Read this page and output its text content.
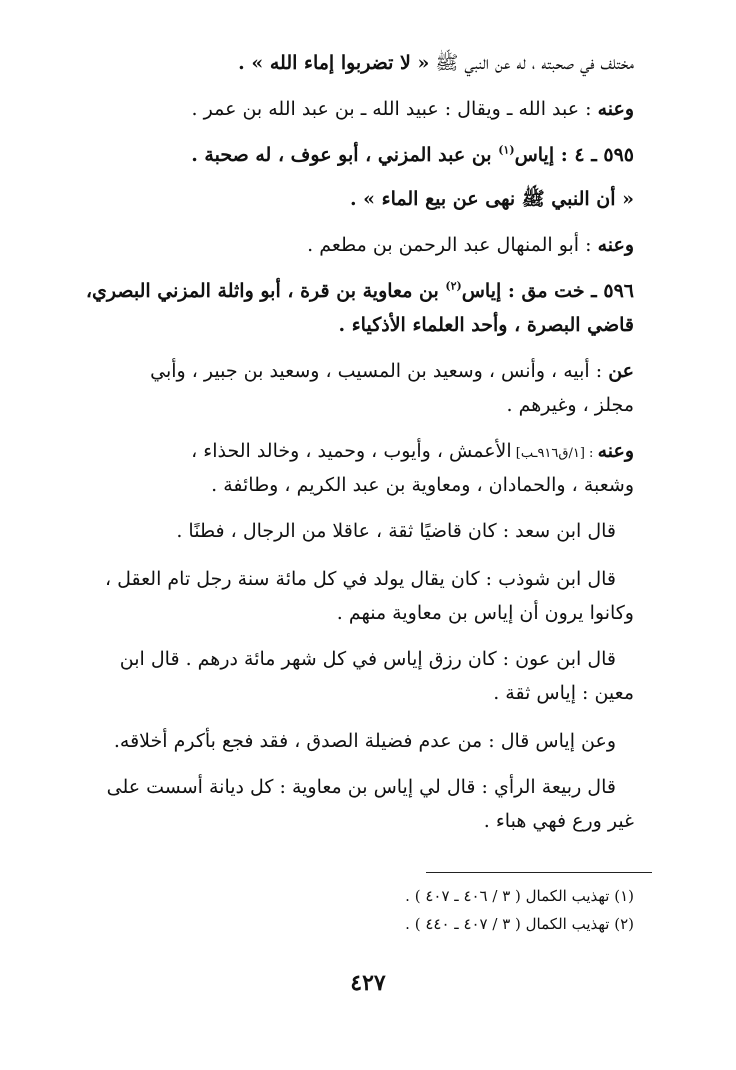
مختلف في صحبته ، له عن النبي ﷺ « لا تضربوا إماء الله » .
وعنه : عبد الله ـ ويقال : عبيد الله ـ بن عبد الله بن عمر .
٥٩٥ ـ ٤ : إياس$^{(١)}$ بن عبد المزني ، أبو عوف ، له صحبة .
« أن النبي ﷺ نهى عن بيع الماء » .
وعنه : أبو المنهال عبد الرحمن بن مطعم .
٥٩٦ ـ خت مق : إياس$^{(٢)}$ بن معاوية بن قرة ، أبو واثلة المزني البصري،
قاضي البصرة ، وأحد العلماء الأذكياء .
عن : أبيه ، وأنس ، وسعيد بن المسيب ، وسعيد بن جبير ، وأبي
مجلز ، وغيرهم .
وعنه : [١/ق٩١٦ـب] الأعمش ، وأيوب ، وحميد ، وخالد الحذاء ،
وشعبة ، والحمادان ، ومعاوية بن عبد الكريم ، وطائفة .
قال ابن سعد : كان قاضيًا ثقة ، عاقلا من الرجال ، فطنًا .
قال ابن شوذب : كان يقال يولد في كل مائة سنة رجل تام العقل ،
وكانوا يرون أن إياس بن معاوية منهم .
قال ابن عون : كان رزق إياس في كل شهر مائة درهم . قال ابن
معين : إياس ثقة .
وعن إياس قال : من عدم فضيلة الصدق ، فقد فجع بأكرم أخلاقه.
قال ربيعة الرأي : قال لي إياس بن معاوية : كل ديانة أسست على
غير ورع فهي هباء .
(١) تهذيب الكمال ( ٣ / ٤٠٦ ـ ٤٠٧ ) .
(٢) تهذيب الكمال ( ٣ / ٤٠٧ ـ ٤٤٠ ) .
٤٢٧
